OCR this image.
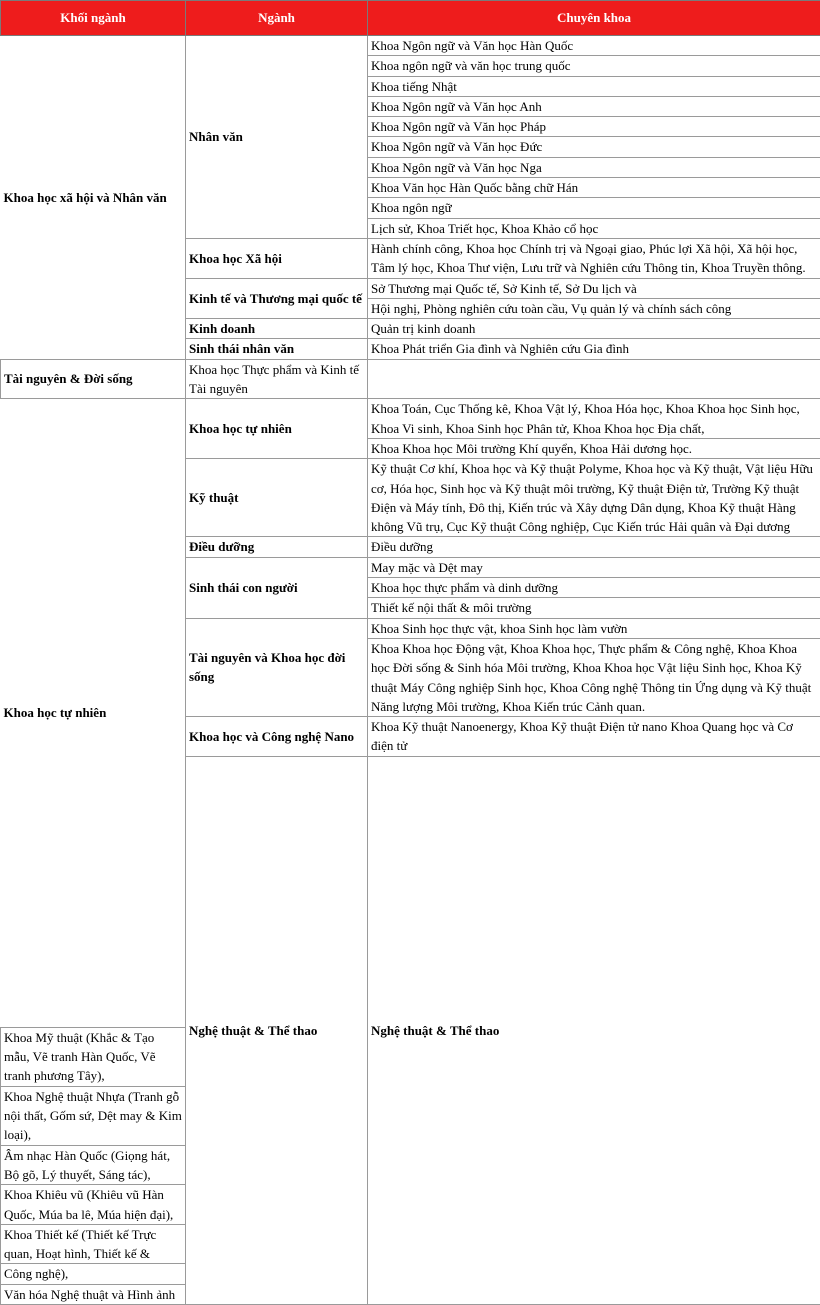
Khối ngành	Ngành	Chuyên khoa	
Khoa học xã hội và Nhân văn	Nhân văn	Khoa Ngôn ngữ và Văn học Hàn Quốc	
		Khoa ngôn ngữ và văn học trung quốc	
		Khoa tiếng Nhật	
		Khoa Ngôn ngữ và Văn học Anh	
		Khoa Ngôn ngữ và Văn học Pháp	
		Khoa Ngôn ngữ và Văn học Đức	
		Khoa Ngôn ngữ và Văn học Nga	
		Khoa Văn học Hàn Quốc bằng chữ Hán	
		Khoa ngôn ngữ	
		Lịch sử, Khoa Triết học, Khoa Khảo cổ học	
	Khoa học Xã hội	Hành chính công, Khoa học Chính trị và Ngoại giao, Phúc lợi Xã hội, Xã hội học, Tâm lý học, Khoa Thư viện, Lưu trữ và Nghiên cứu Thông tin, Khoa Truyền thông.	
	Kinh tế và Thương mại quốc tế	Sở Thương mại Quốc tế, Sở Kinh tế, Sở Du lịch và	
		Hội nghị, Phòng nghiên cứu toàn cầu, Vụ quản lý và chính sách công	
	Kinh doanh	Quản trị kinh doanh	
	Sinh thái nhân văn	Khoa Phát triển Gia đình và Nghiên cứu Gia đình	
Tài nguyên & Đời sống	Khoa học Thực phẩm và Kinh tế Tài nguyên		
Khoa học tự nhiên	Khoa học tự nhiên	Khoa Toán, Cục Thống kê, Khoa Vật lý, Khoa Hóa học, Khoa Khoa học Sinh học, Khoa Vi sinh, Khoa Sinh học Phân tử, Khoa Khoa học Địa chất,	
		Khoa Khoa học Môi trường Khí quyển, Khoa Hải dương học.	
	Kỹ thuật	Kỹ thuật Cơ khí, Khoa học và Kỹ thuật Polyme, Khoa học và Kỹ thuật, Vật liệu Hữu cơ, Hóa học, Sinh học và Kỹ thuật môi trường, Kỹ thuật Điện tử, Trường Kỹ thuật Điện và Máy tính, Đô thị, Kiến trúc và Xây dựng Dân dụng, Khoa Kỹ thuật Hàng không Vũ trụ, Cục Kỹ thuật Công nghiệp, Cục Kiến trúc Hải quân và Đại dương	
	Điều dưỡng	Điều dưỡng	
	Sinh thái con người	May mặc và Dệt may	
		Khoa học thực phẩm và dinh dưỡng	
		Thiết kế nội thất & môi trường	
	Tài nguyên và Khoa học đời sống	Khoa Sinh học thực vật, khoa Sinh học làm vườn	
		Khoa Khoa học Động vật, Khoa Khoa học, Thực phẩm & Công nghệ, Khoa Khoa học Đời sống & Sinh hóa Môi trường, Khoa Khoa học Vật liệu Sinh học, Khoa Kỹ thuật Máy Công nghiệp Sinh học, Khoa Công nghệ Thông tin Ứng dụng và Kỹ thuật Năng lượng Môi trường, Khoa Kiến trúc Cảnh quan.	
	Khoa học và Công nghệ Nano	Khoa Kỹ thuật Nanoenergy, Khoa Kỹ thuật Điện tử nano Khoa Quang học và Cơ điện tử	
	Nghệ thuật & Thể thao	Nghệ thuật & Thể thao	
Khoa Mỹ thuật (Khắc & Tạo mẫu, Vẽ tranh Hàn Quốc, Vẽ tranh phương Tây),			
Khoa Nghệ thuật Nhựa (Tranh gỗ nội thất, Gốm sứ, Dệt may & Kim loại),			
Âm nhạc Hàn Quốc (Giọng hát, Bộ gõ, Lý thuyết, Sáng tác),			
Khoa Khiêu vũ (Khiêu vũ Hàn Quốc, Múa ba lê, Múa hiện đại),			
Khoa Thiết kế (Thiết kế Trực quan, Hoạt hình, Thiết kế &			
Công nghệ),			
Văn hóa Nghệ thuật và Hình ảnh			
